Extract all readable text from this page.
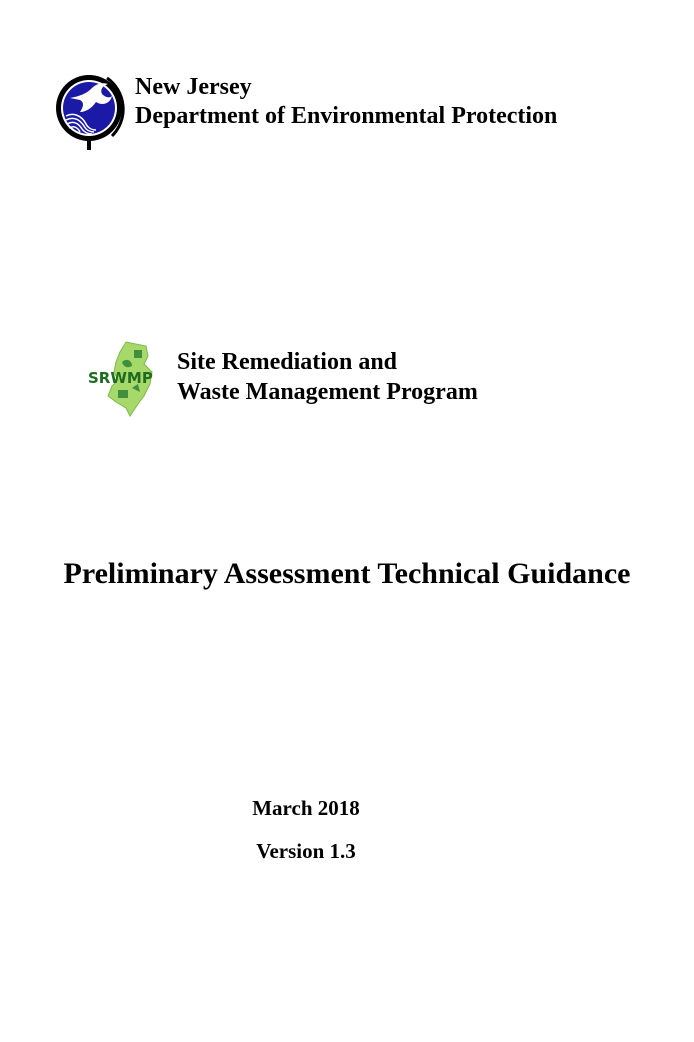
New Jersey
Department of Environmental Protection
SRWMP
Site Remediation and
Waste Management Program
Preliminary Assessment Technical Guidance
March 2018
Version 1.3
